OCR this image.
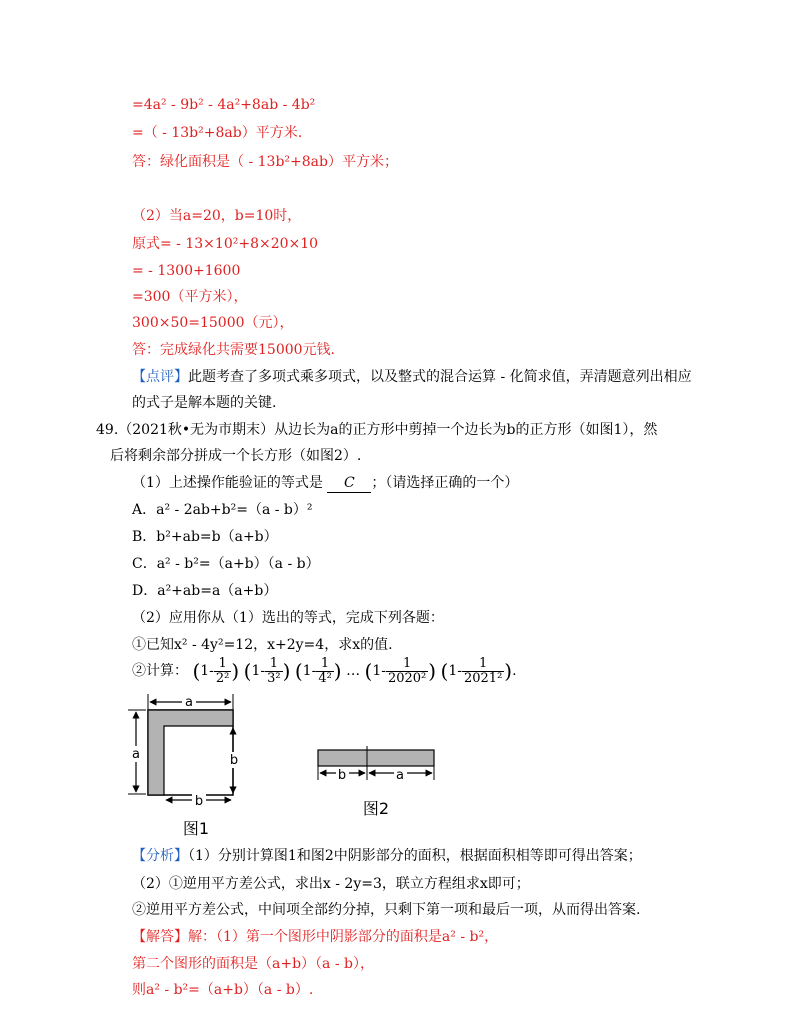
=4a² - 9b² - 4a²+8ab - 4b²
=（ - 13b²+8ab）平方米.
答：绿化面积是（ - 13b²+8ab）平方米；
（2）当a=20，b=10时，
原式= - 13×10²+8×20×10
= - 1300+1600
=300（平方米），
300×50=15000（元），
答：完成绿化共需要15000元钱.
【点评】此题考查了多项式乘多项式，以及整式的混合运算 - 化简求值，弄清题意列出相应
的式子是解本题的关键.
49.（2021秋•无为市期末）从边长为a的正方形中剪掉一个边长为b的正方形（如图1），然
后将剩余部分拼成一个长方形（如图2）.
（1）上述操作能验证的等式是 C ；（请选择正确的一个）
A．a² - 2ab+b²=（a - b）²
B．b²+ab=b（a+b）
C．a² - b²=（a+b）（a - b）
D．a²+ab=a（a+b）
（2）应用你从（1）选出的等式，完成下列各题：
①已知x² - 4y²=12，x+2y=4，求x的值.
②计算： ($1- \frac{1}{\text{2²}}$ ) ($1- \frac{1}{\text{3²}}$ ) ($1- \frac{1}{\text{4²}}$ ) … ($1- \frac{1}{\text{2020²}}$ ) ($1- \frac{1}{\text{2021²}}$ ).
a
a	b
b
图1
b	a
图2
【分析】（1）分别计算图1和图2中阴影部分的面积，根据面积相等即可得出答案；
（2）①逆用平方差公式，求出x - 2y=3，联立方程组求x即可；
②逆用平方差公式，中间项全部约分掉，只剩下第一项和最后一项，从而得出答案.
【解答】解：（1）第一个图形中阴影部分的面积是a² - b²，
第二个图形的面积是（a+b）（a - b），
则a² - b²=（a+b）（a - b）.
